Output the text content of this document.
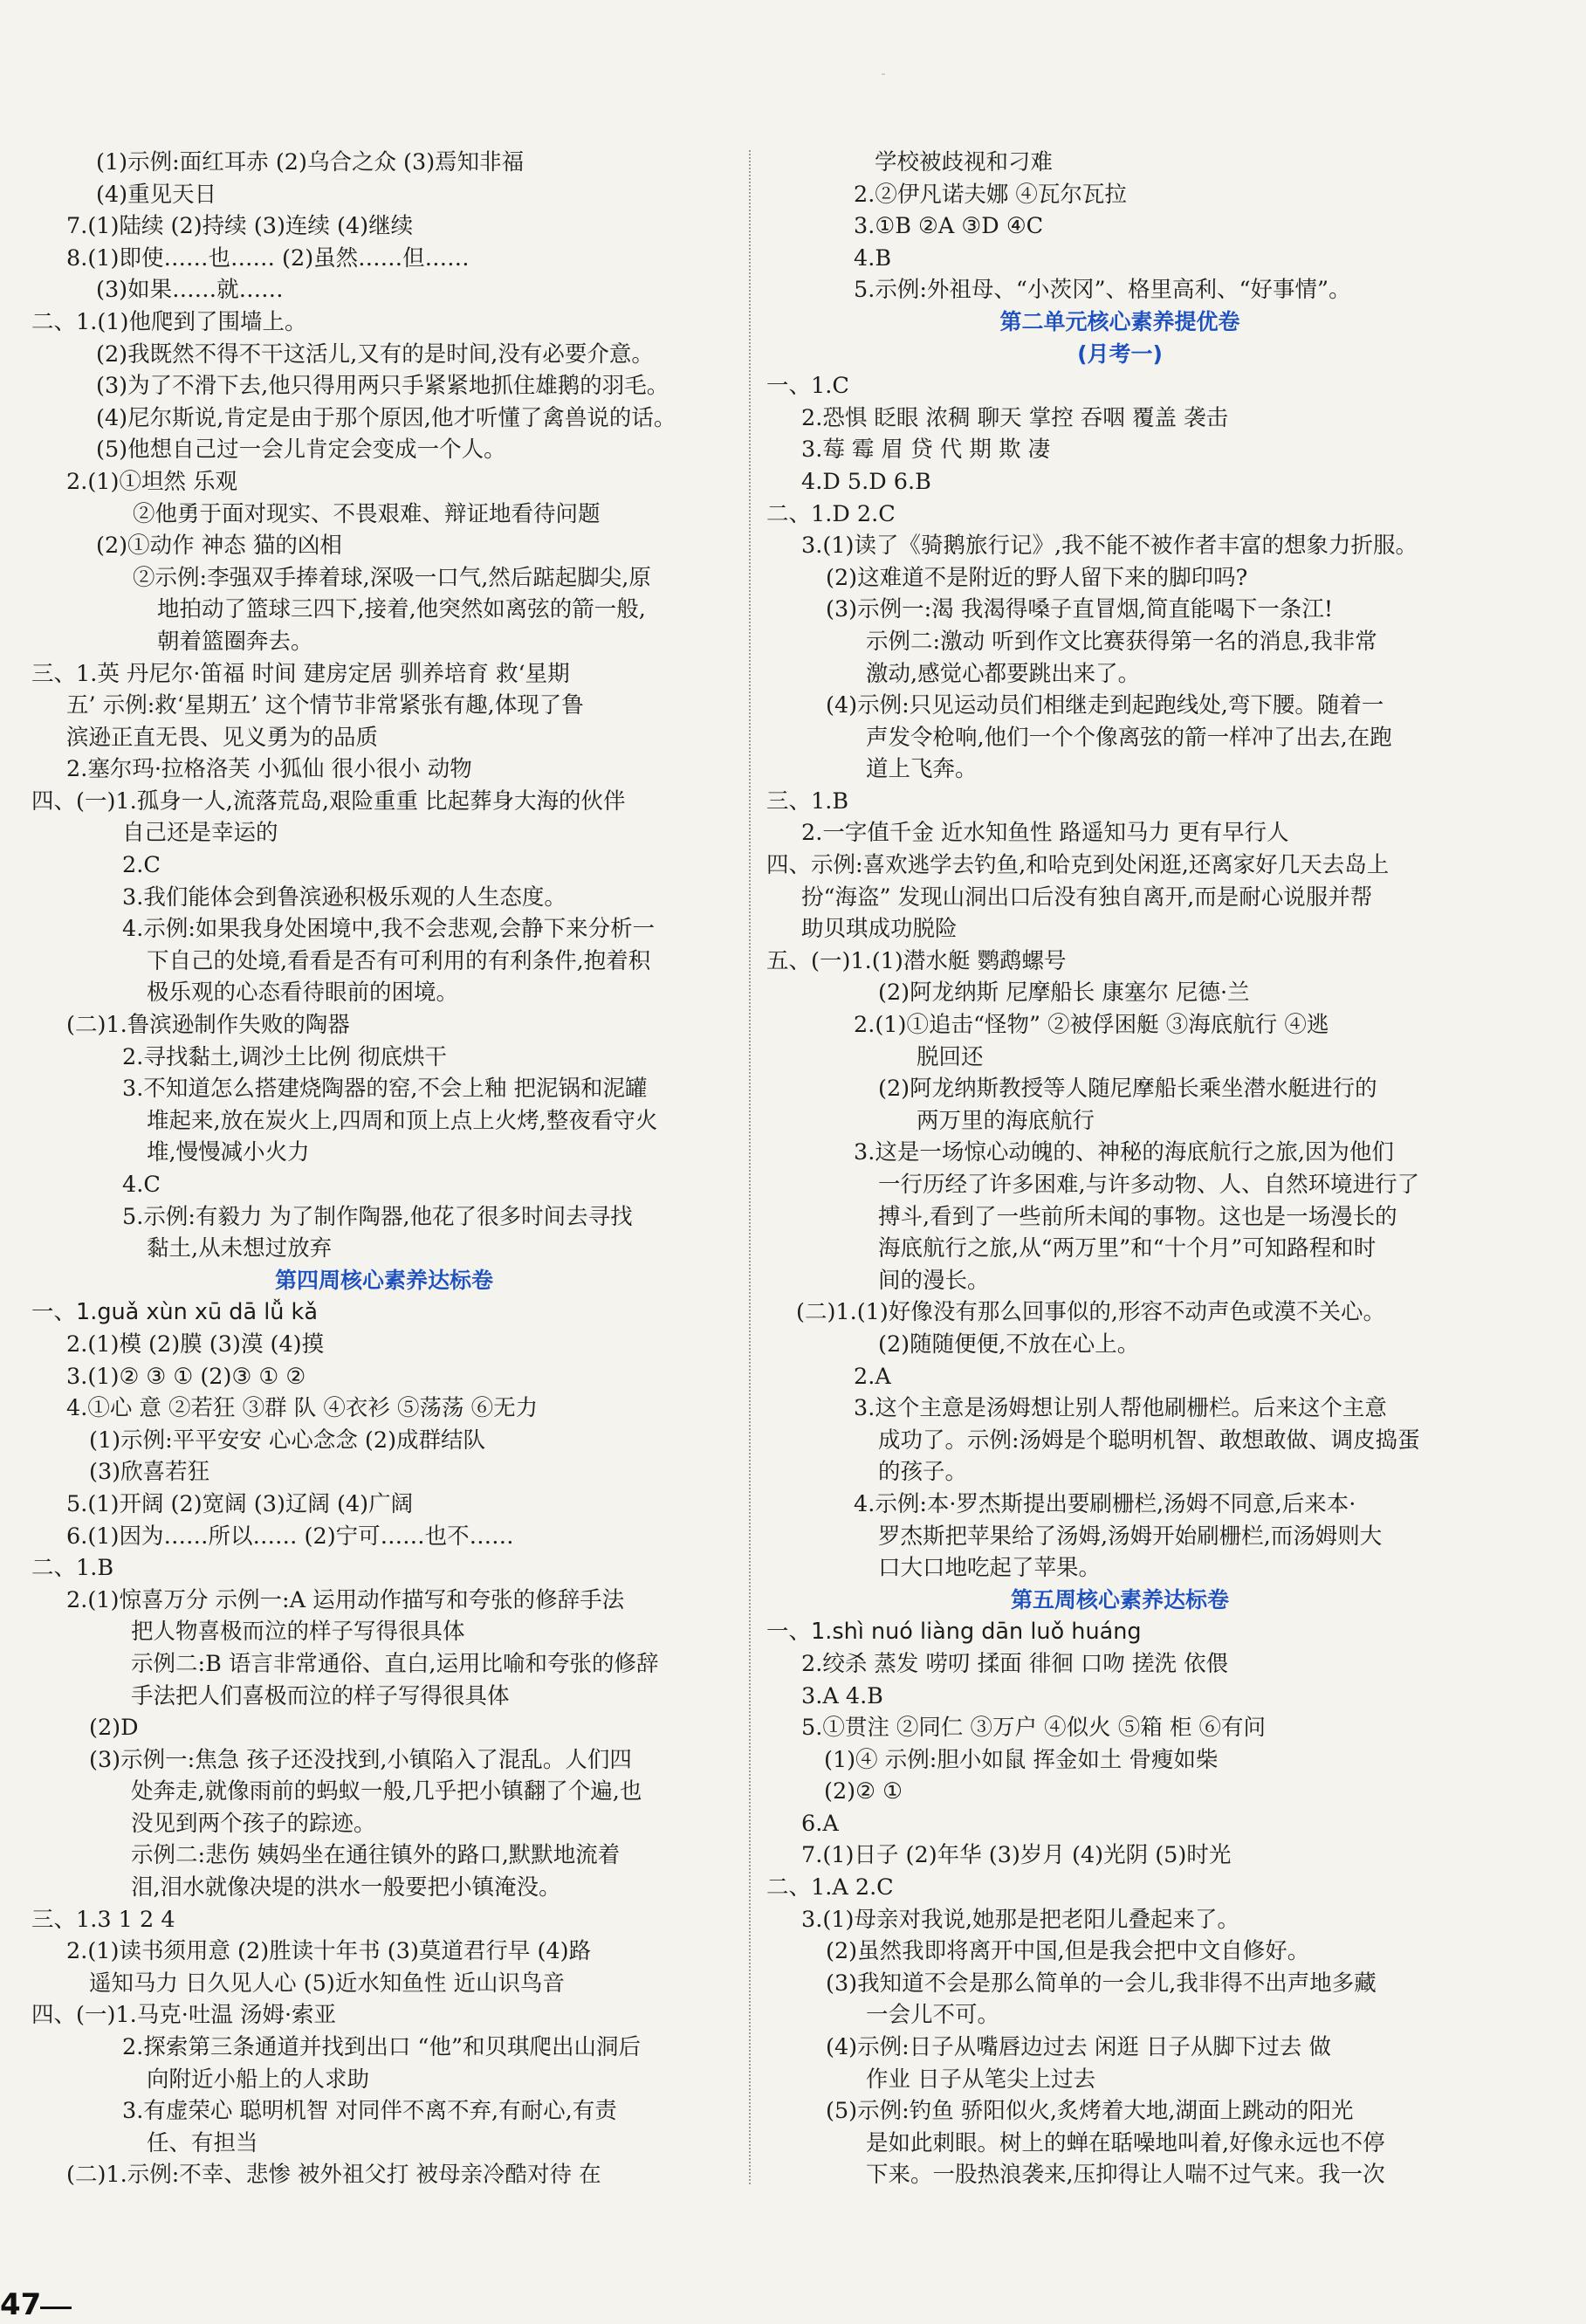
(1)示例:面红耳赤 (2)乌合之众 (3)焉知非福
(4)重见天日
7.(1)陆续 (2)持续 (3)连续 (4)继续
8.(1)即使……也…… (2)虽然……但……
(3)如果……就……
二、1.(1)他爬到了围墙上。
(2)我既然不得不干这活儿,又有的是时间,没有必要介意。
(3)为了不滑下去,他只得用两只手紧紧地抓住雄鹅的羽毛。
(4)尼尔斯说,肯定是由于那个原因,他才听懂了禽兽说的话。
(5)他想自己过一会儿肯定会变成一个人。
2.(1)①坦然 乐观
②他勇于面对现实、不畏艰难、辩证地看待问题
(2)①动作 神态 猫的凶相
②示例:李强双手捧着球,深吸一口气,然后踮起脚尖,原
地拍动了篮球三四下,接着,他突然如离弦的箭一般,
朝着篮圈奔去。
三、1.英 丹尼尔·笛福 时间 建房定居 驯养培育 救‘星期
五’ 示例:救‘星期五’ 这个情节非常紧张有趣,体现了鲁
滨逊正直无畏、见义勇为的品质
2.塞尔玛·拉格洛芙 小狐仙 很小很小 动物
四、(一)1.孤身一人,流落荒岛,艰险重重 比起葬身大海的伙伴
自己还是幸运的
2.C
3.我们能体会到鲁滨逊积极乐观的人生态度。
4.示例:如果我身处困境中,我不会悲观,会静下来分析一
下自己的处境,看看是否有可利用的有利条件,抱着积
极乐观的心态看待眼前的困境。
(二)1.鲁滨逊制作失败的陶器
2.寻找黏土,调沙土比例 彻底烘干
3.不知道怎么搭建烧陶器的窑,不会上釉 把泥锅和泥罐
堆起来,放在炭火上,四周和顶上点上火烤,整夜看守火
堆,慢慢减小火力
4.C
5.示例:有毅力 为了制作陶器,他花了很多时间去寻找
黏土,从未想过放弃
第四周核心素养达标卷
一、1.guǎ xùn xū dā lǚ kǎ
2.(1)模 (2)膜 (3)漠 (4)摸
3.(1)② ③ ① (2)③ ① ②
4.①心 意 ②若狂 ③群 队 ④衣衫 ⑤荡荡 ⑥无力
(1)示例:平平安安 心心念念 (2)成群结队
(3)欣喜若狂
5.(1)开阔 (2)宽阔 (3)辽阔 (4)广阔
6.(1)因为……所以…… (2)宁可……也不……
二、1.B
2.(1)惊喜万分 示例一:A 运用动作描写和夸张的修辞手法
把人物喜极而泣的样子写得很具体
示例二:B 语言非常通俗、直白,运用比喻和夸张的修辞
手法把人们喜极而泣的样子写得很具体
(2)D
(3)示例一:焦急 孩子还没找到,小镇陷入了混乱。人们四
处奔走,就像雨前的蚂蚁一般,几乎把小镇翻了个遍,也
没见到两个孩子的踪迹。
示例二:悲伤 姨妈坐在通往镇外的路口,默默地流着
泪,泪水就像决堤的洪水一般要把小镇淹没。
三、1.3 1 2 4
2.(1)读书须用意 (2)胜读十年书 (3)莫道君行早 (4)路
遥知马力 日久见人心 (5)近水知鱼性 近山识鸟音
四、(一)1.马克·吐温 汤姆·索亚
2.探索第三条通道并找到出口 “他”和贝琪爬出山洞后
向附近小船上的人求助
3.有虚荣心 聪明机智 对同伴不离不弃,有耐心,有责
任、有担当
(二)1.示例:不幸、悲惨 被外祖父打 被母亲冷酷对待 在
学校被歧视和刁难
2.②伊凡诺夫娜 ④瓦尔瓦拉
3.①B ②A ③D ④C
4.B
5.示例:外祖母、“小茨冈”、格里高利、“好事情”。
第二单元核心素养提优卷
(月考一)
一、1.C
2.恐惧 眨眼 浓稠 聊天 掌控 吞咽 覆盖 袭击
3.莓 霉 眉 贷 代 期 欺 凄
4.D 5.D 6.B
二、1.D 2.C
3.(1)读了《骑鹅旅行记》,我不能不被作者丰富的想象力折服。
(2)这难道不是附近的野人留下来的脚印吗?
(3)示例一:渴 我渴得嗓子直冒烟,简直能喝下一条江!
示例二:激动 听到作文比赛获得第一名的消息,我非常
激动,感觉心都要跳出来了。
(4)示例:只见运动员们相继走到起跑线处,弯下腰。随着一
声发令枪响,他们一个个像离弦的箭一样冲了出去,在跑
道上飞奔。
三、1.B
2.一字值千金 近水知鱼性 路遥知马力 更有早行人
四、示例:喜欢逃学去钓鱼,和哈克到处闲逛,还离家好几天去岛上
扮“海盗” 发现山洞出口后没有独自离开,而是耐心说服并帮
助贝琪成功脱险
五、(一)1.(1)潜水艇 鹦鹉螺号
(2)阿龙纳斯 尼摩船长 康塞尔 尼德·兰
2.(1)①追击“怪物” ②被俘困艇 ③海底航行 ④逃
脱回还
(2)阿龙纳斯教授等人随尼摩船长乘坐潜水艇进行的
两万里的海底航行
3.这是一场惊心动魄的、神秘的海底航行之旅,因为他们
一行历经了许多困难,与许多动物、人、自然环境进行了
搏斗,看到了一些前所未闻的事物。这也是一场漫长的
海底航行之旅,从“两万里”和“十个月”可知路程和时
间的漫长。
(二)1.(1)好像没有那么回事似的,形容不动声色或漠不关心。
(2)随随便便,不放在心上。
2.A
3.这个主意是汤姆想让别人帮他刷栅栏。后来这个主意
成功了。示例:汤姆是个聪明机智、敢想敢做、调皮捣蛋
的孩子。
4.示例:本·罗杰斯提出要刷栅栏,汤姆不同意,后来本·
罗杰斯把苹果给了汤姆,汤姆开始刷栅栏,而汤姆则大
口大口地吃起了苹果。
第五周核心素养达标卷
一、1.shì nuó liàng dān luǒ huáng
2.绞杀 蒸发 唠叨 揉面 徘徊 口吻 搓洗 依偎
3.A 4.B
5.①贯注 ②同仁 ③万户 ④似火 ⑤箱 柜 ⑥有问
(1)④ 示例:胆小如鼠 挥金如土 骨瘦如柴
(2)② ①
6.A
7.(1)日子 (2)年华 (3)岁月 (4)光阴 (5)时光
二、1.A 2.C
3.(1)母亲对我说,她那是把老阳儿叠起来了。
(2)虽然我即将离开中国,但是我会把中文自修好。
(3)我知道不会是那么简单的一会儿,我非得不出声地多藏
一会儿不可。
(4)示例:日子从嘴唇边过去 闲逛 日子从脚下过去 做
作业 日子从笔尖上过去
(5)示例:钓鱼 骄阳似火,炙烤着大地,湖面上跳动的阳光
是如此刺眼。树上的蝉在聒噪地叫着,好像永远也不停
下来。一股热浪袭来,压抑得让人喘不过气来。我一次
47
